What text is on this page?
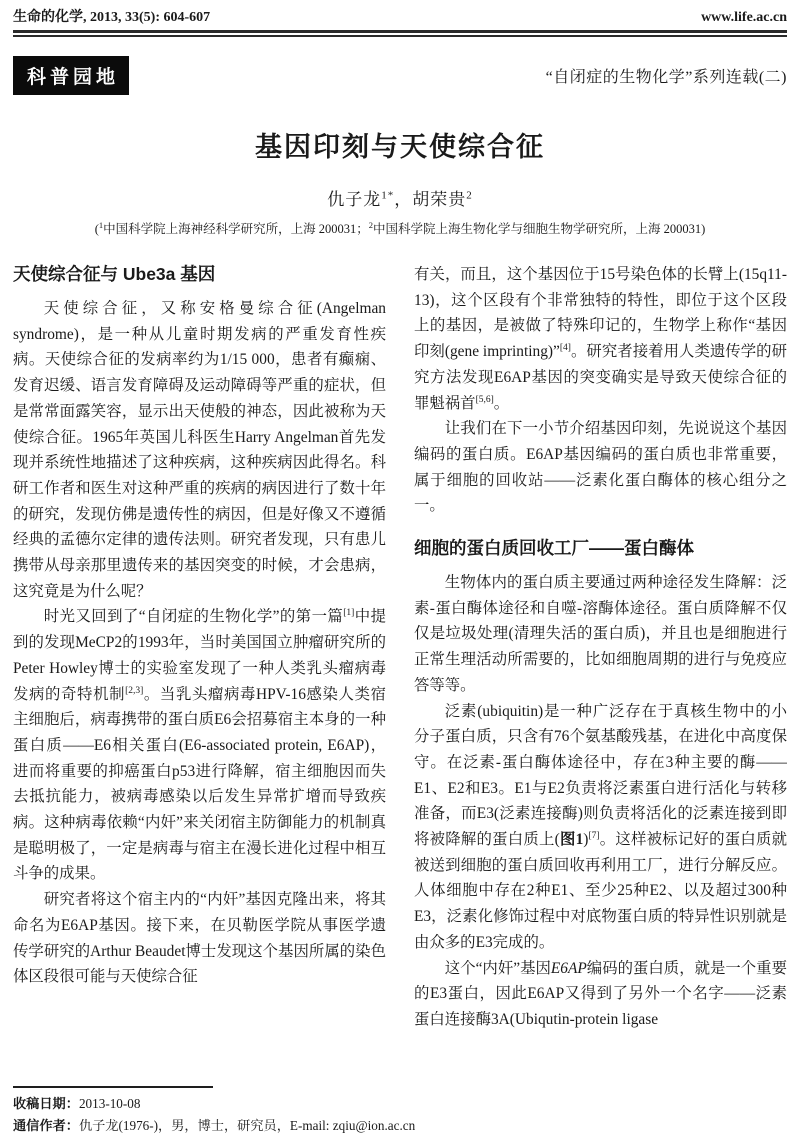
生命的化学, 2013, 33(5): 604-607	www.life.ac.cn
科普园地	“自闭症的生物化学”系列连载(二)
基因印刻与天使综合征
仇子龙$^{1*}$，胡荣贵$^2$
($^1$中国科学院上海神经科学研究所，上海 200031；$^2$中国科学院上海生物化学与细胞生物学研究所，上海 200031)
天使综合征与 Ube3a 基因

天使综合征，又称安格曼综合征(Angelman syndrome)，是一种从儿童时期发病的严重发育性疾病。天使综合征的发病率约为1/15 000，患者有癫痫、发育迟缓、语言发育障碍及运动障碍等严重的症状，但是常常面露笑容，显示出天使般的神态，因此被称为天使综合征。1965年英国儿科医生Harry Angelman首先发现并系统性地描述了这种疾病，这种疾病因此得名。科研工作者和医生对这种严重的疾病的病因进行了数十年的研究，发现仿佛是遗传性的病因，但是好像又不遵循经典的孟德尔定律的遗传法则。研究者发现，只有患儿携带从母亲那里遗传来的基因突变的时候，才会患病，这究竟是为什么呢？

时光又回到了“自闭症的生物化学”的第一篇[1]中提到的发现MeCP2的1993年，当时美国国立肿瘤研究所的Peter Howley博士的实验室发现了一种人类乳头瘤病毒发病的奇特机制[2,3]。当乳头瘤病毒HPV-16感染人类宿主细胞后，病毒携带的蛋白质E6会招募宿主本身的一种蛋白质——E6相关蛋白(E6-associated protein, E6AP)，进而将重要的抑癌蛋白p53进行降解，宿主细胞因而失去抵抗能力，被病毒感染以后发生异常扩增而导致疾病。这种病毒依赖“内奸”来关闭宿主防御能力的机制真是聪明极了，一定是病毒与宿主在漫长进化过程中相互斗争的成果。

研究者将这个宿主内的“内奸”基因克隆出来，将其命名为E6AP基因。接下来，在贝勒医学院从事医学遗传学研究的Arthur Beaudet博士发现这个基因所属的染色体区段很可能与天使综合征

有关，而且，这个基因位于15号染色体的长臂上(15q11-13)，这个区段有个非常独特的特性，即位于这个区段上的基因，是被做了特殊印记的，生物学上称作“基因印刻(gene imprinting)”[4]。研究者接着用人类遗传学的研究方法发现E6AP基因的突变确实是导致天使综合征的罪魁祸首[5,6]。

让我们在下一小节介绍基因印刻，先说说这个基因编码的蛋白质。E6AP基因编码的蛋白质也非常重要，属于细胞的回收站——泛素化蛋白酶体的核心组分之一。

细胞的蛋白质回收工厂——蛋白酶体

生物体内的蛋白质主要通过两种途径发生降解：泛素-蛋白酶体途径和自噬-溶酶体途径。蛋白质降解不仅仅是垃圾处理(清理失活的蛋白质)，并且也是细胞进行正常生理活动所需要的，比如细胞周期的进行与免疫应答等等。

泛素(ubiquitin)是一种广泛存在于真核生物中的小分子蛋白质，只含有76个氨基酸残基，在进化中高度保守。在泛素-蛋白酶体途径中，存在3种主要的酶——E1、E2和E3。E1与E2负责将泛素蛋白进行活化与转移准备，而E3(泛素连接酶)则负责将活化的泛素连接到即将被降解的蛋白质上(图1)[7]。这样被标记好的蛋白质就被送到细胞的蛋白质回收再利用工厂，进行分解反应。人体细胞中存在2种E1、至少25种E2、以及超过300种E3，泛素化修饰过程中对底物蛋白质的特异性识别就是由众多的E3完成的。

这个“内奸”基因E6AP编码的蛋白质，就是一个重要的E3蛋白，因此E6AP又得到了另外一个名字——泛素蛋白连接酶3A(Ubiqutin-protein ligase

收稿日期：2013-10-08
通信作者：仇子龙(1976-)，男，博士，研究员，E-mail: zqiu@ion.ac.cn
